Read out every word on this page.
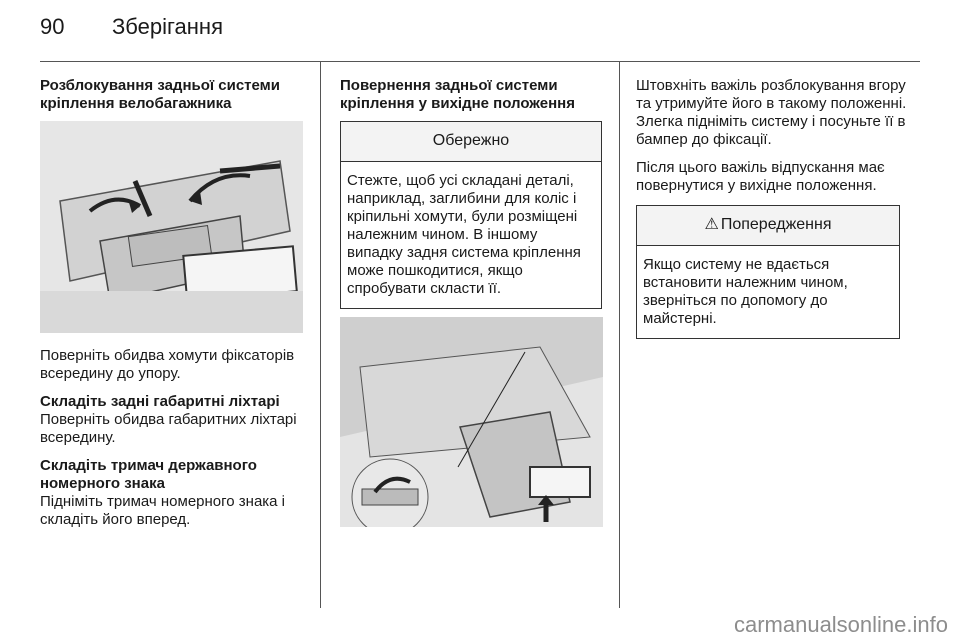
90 Зберігання

Розблокування задньої системи кріплення велобагажника

Поверніть обидва хомути фіксаторів всередину до упору.

Складіть задні габаритні ліхтарі

Поверніть обидва габаритних ліхтарі всередину.

Складіть тримач державного номерного знака

Підніміть тримач номерного знака і складіть його вперед.

Повернення задньої системи кріплення у вихідне положення

Обережно
Стежте, щоб усі складані деталі, наприклад, заглибини для коліс і кріпильні хомути, були розміщені належним чином. В іншому випадку задня система кріплення може пошкодитися, якщо спробувати скласти її.

Штовхніть важіль розблокування вгору та утримуйте його в такому положенні. Злегка підніміть систему і посуньте її в бампер до фіксації.

Після цього важіль відпускання має повернутися у вихідне положення.

⚠ Попередження
Якщо систему не вдається встановити належним чином, зверніться по допомогу до майстерні.
carmanualsonline.info
